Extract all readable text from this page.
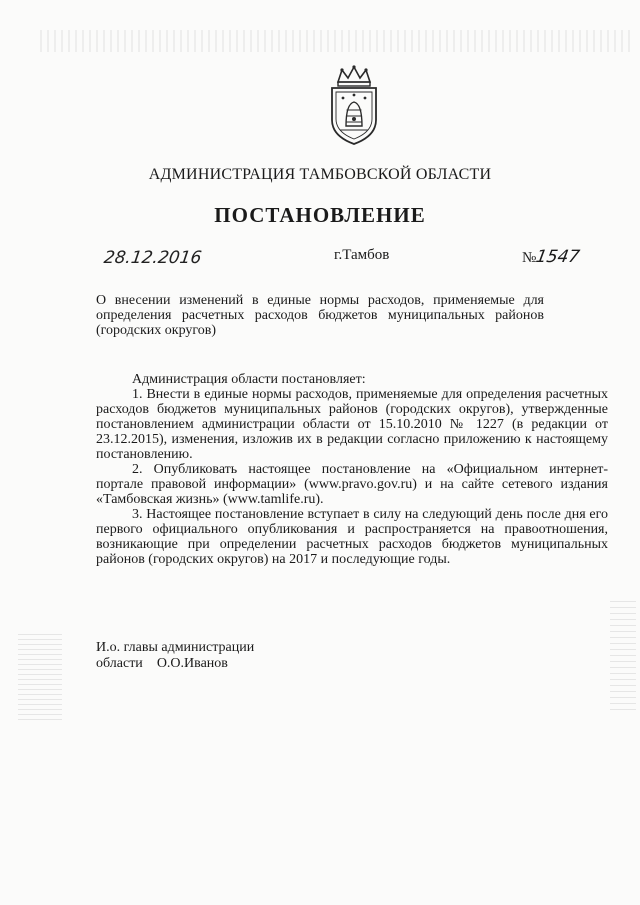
АДМИНИСТРАЦИЯ ТАМБОВСКОЙ ОБЛАСТИ
ПОСТАНОВЛЕНИЕ
28.12.2016	г.Тамбов	№1547
О внесении изменений в единые нормы расходов, применяемые для определения расчетных расходов бюджетов муниципальных районов (городских округов)

Администрация области постановляет:

1. Внести в единые нормы расходов, применяемые для определения расчетных расходов бюджетов муниципальных районов (городских округов), утвержденные постановлением администрации области от 15.10.2010 № 1227 (в редакции от 23.12.2015), изменения, изложив их в редакции согласно приложению к настоящему постановлению.

2. Опубликовать настоящее постановление на «Официальном интернет-портале правовой информации» (www.pravo.gov.ru) и на сайте сетевого издания «Тамбовская жизнь» (www.tamlife.ru).

3. Настоящее постановление вступает в силу на следующий день после дня его первого официального опубликования и распространяется на правоотношения, возникающие при определении расчетных расходов бюджетов муниципальных районов (городских округов) на 2017 и последующие годы.

И.о. главы администрации
области О.О.Иванов
